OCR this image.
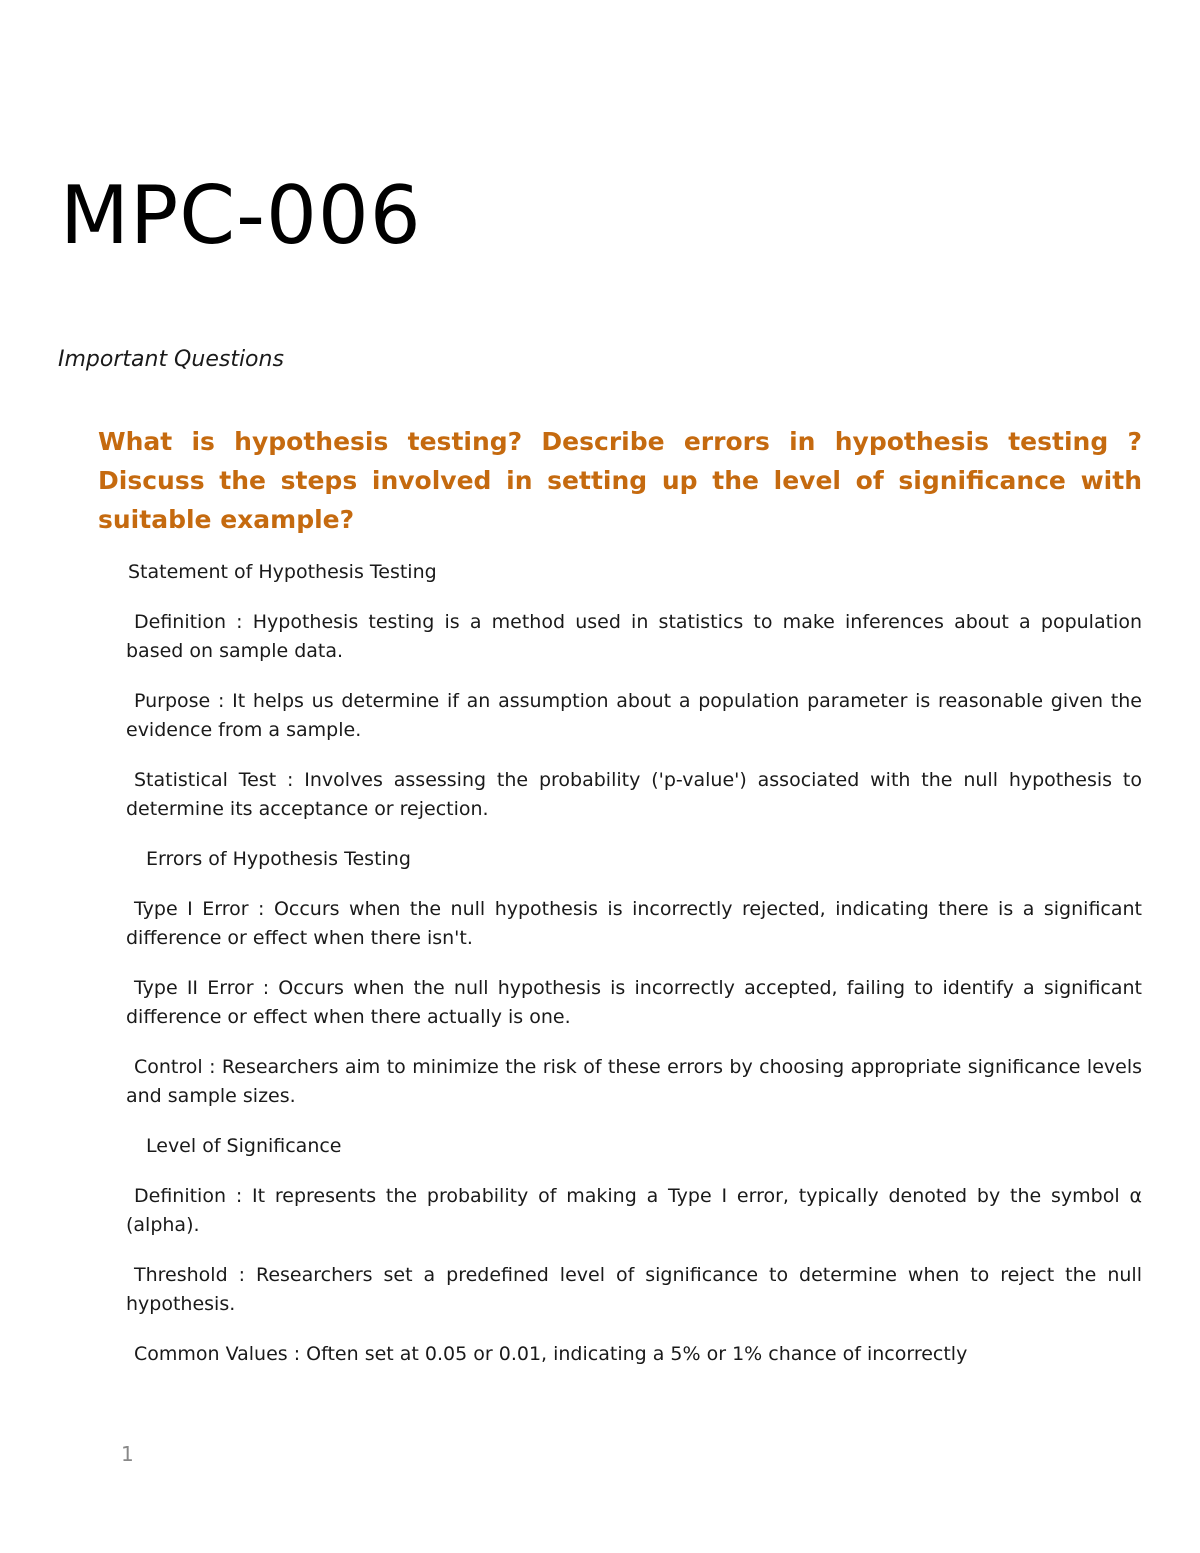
MPC-006

Important Questions

What is hypothesis testing? Describe errors in hypothesis testing ? Discuss the steps involved in setting up the level of significance with suitable example?

Statement of Hypothesis Testing

Definition : Hypothesis testing is a method used in statistics to make inferences about a population based on sample data.

Purpose : It helps us determine if an assumption about a population parameter is reasonable given the evidence from a sample.

Statistical Test : Involves assessing the probability ('p-value') associated with the null hypothesis to determine its acceptance or rejection.

Errors of Hypothesis Testing

Type I Error : Occurs when the null hypothesis is incorrectly rejected, indicating there is a significant difference or effect when there isn't.

Type II Error : Occurs when the null hypothesis is incorrectly accepted, failing to identify a significant difference or effect when there actually is one.

Control : Researchers aim to minimize the risk of these errors by choosing appropriate significance levels and sample sizes.

Level of Significance

Definition : It represents the probability of making a Type I error, typically denoted by the symbol α (alpha).

Threshold : Researchers set a predefined level of significance to determine when to reject the null hypothesis.

Common Values : Often set at 0.05 or 0.01, indicating a 5% or 1% chance of incorrectly

1
